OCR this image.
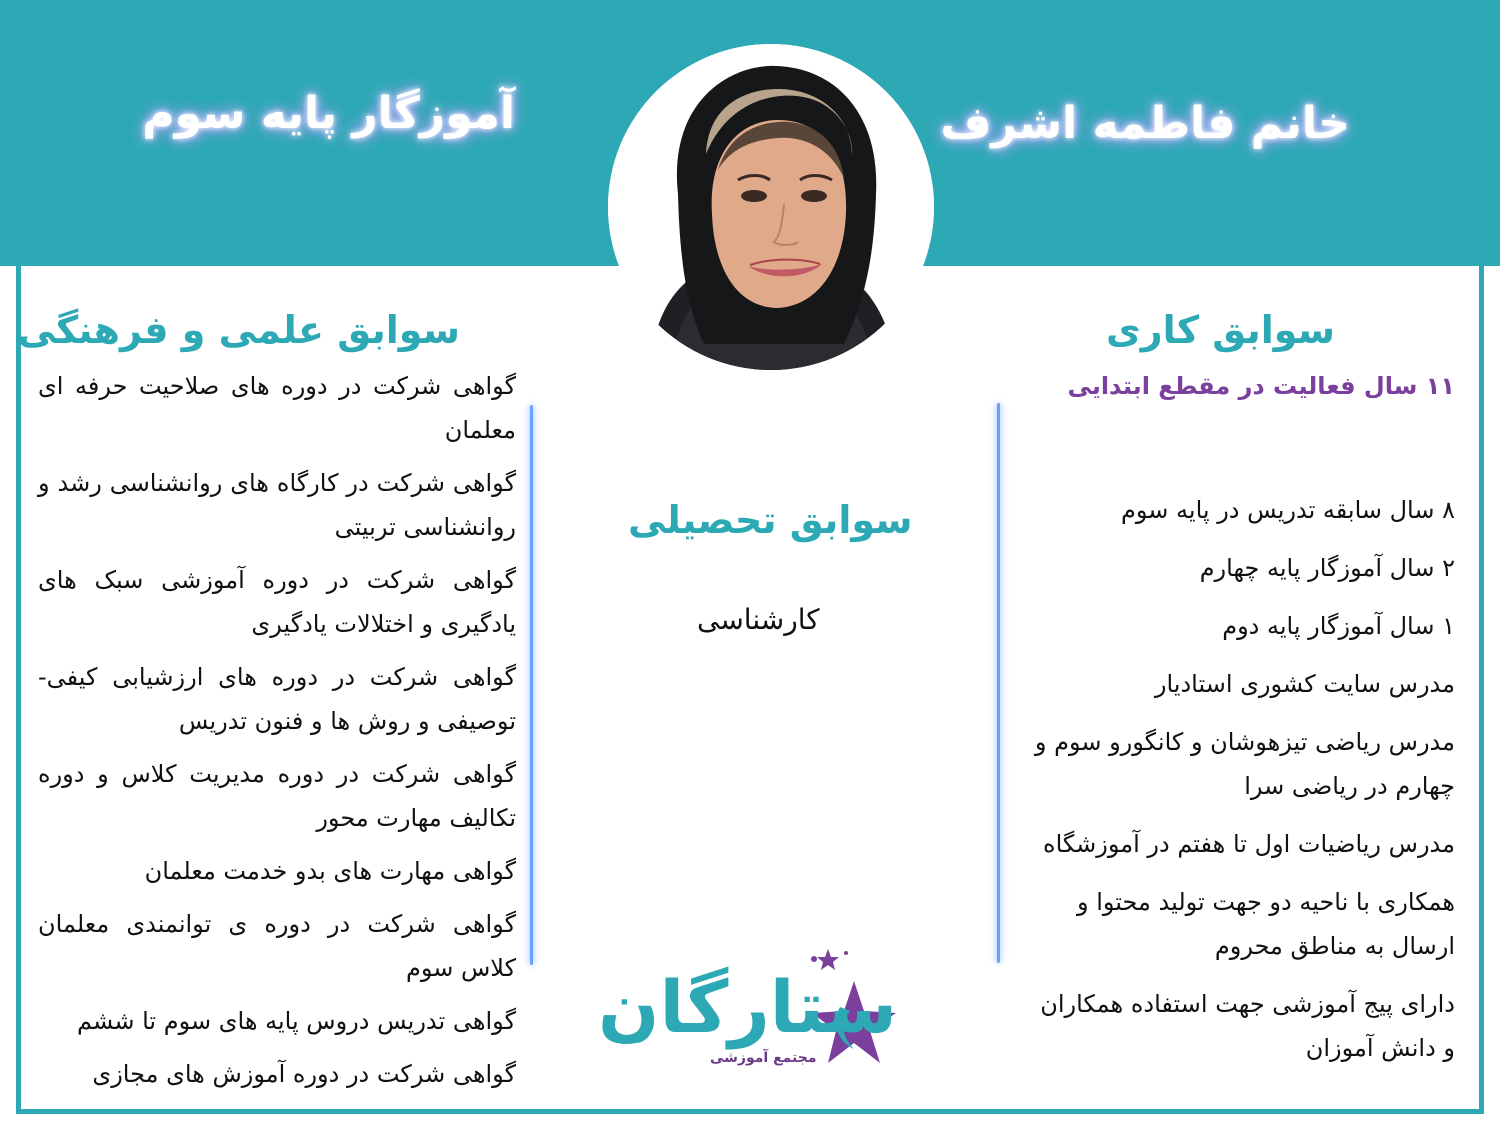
خانم فاطمه اشرف
آموزگار پایه سوم
سوابق کاری
۱۱ سال فعالیت در مقطع ابتدایی
۸ سال سابقه تدریس در پایه سوم
۲ سال آموزگار پایه چهارم
۱ سال آموزگار پایه دوم
مدرس سایت کشوری استادیار
مدرس ریاضی تیزهوشان و کانگورو سوم و چهارم در ریاضی سرا
مدرس ریاضیات اول تا هفتم در آموزشگاه
همکاری با ناحیه دو جهت تولید محتوا و ارسال به مناطق محروم
دارای پیج آموزشی جهت استفاده همکاران و دانش آموزان
سوابق تحصیلی
کارشناسی
سوابق علمی و فرهنگی
گواهی شرکت در دوره های صلاحیت حرفه ای معلمان
گواهی شرکت در کارگاه های روانشناسی رشد و روانشناسی تربیتی
گواهی شرکت در دوره آموزشی سبک های یادگیری و اختلالات یادگیری
گواهی شرکت در دوره های ارزشیابی کیفی- توصیفی و روش ها و فنون تدریس
گواهی شرکت در دوره مدیریت کلاس و دوره تکالیف مهارت محور
گواهی مهارت های بدو خدمت معلمان
گواهی شرکت در دوره ی توانمندی معلمان کلاس سوم
گواهی تدریس دروس پایه های سوم تا ششم
گواهی شرکت در دوره آموزش های مجازی
ستارگان
مجتمع آموزشی
